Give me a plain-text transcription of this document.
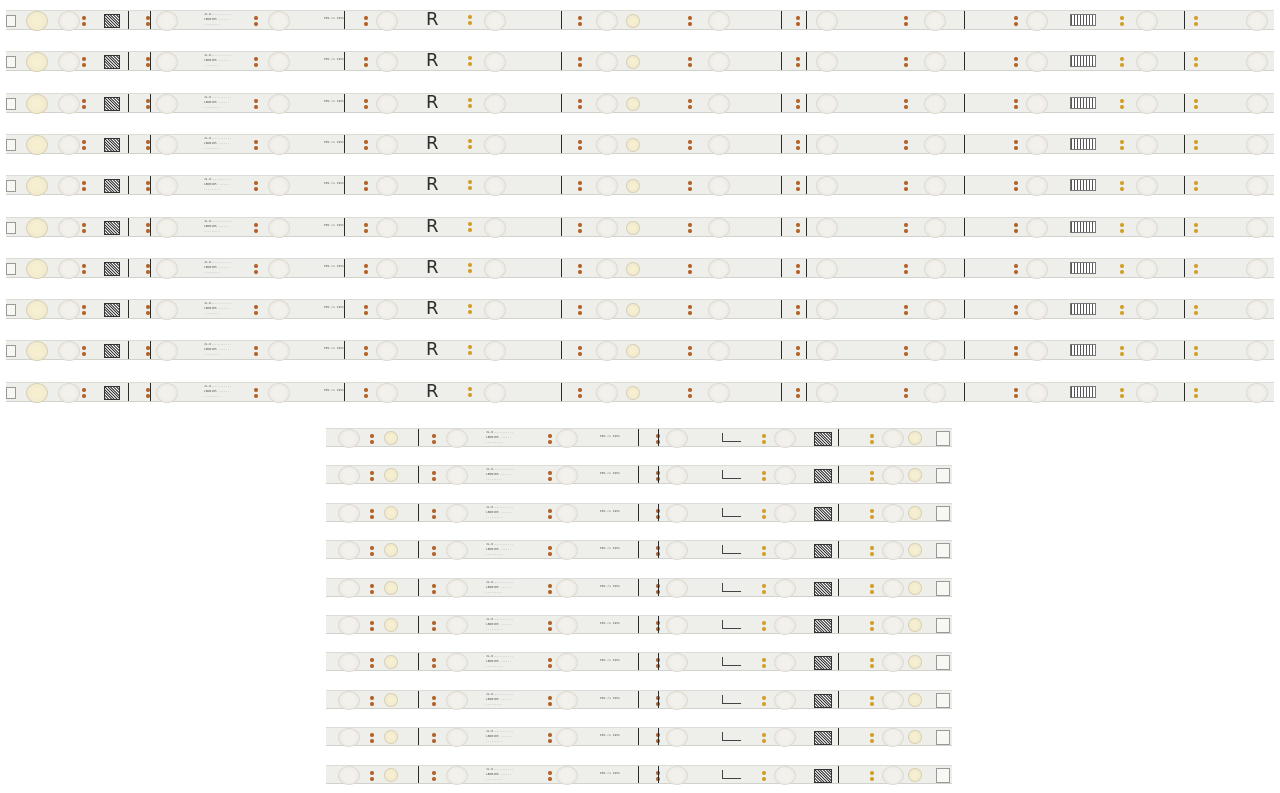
JL.D...........
LBD8185 ......
.........
PPb ru 1951	R
JL.D...........
LBD8185 ......
.........
PPb ru 1951	R
JL.D...........
LBD8185 ......
.........
PPb ru 1951	R
JL.D...........
LBD8185 ......
.........
PPb ru 1951	R
JL.D...........
LBD8185 ......
.........
PPb ru 1951	R
JL.D...........
LBD8185 ......
.........
PPb ru 1951	R
JL.D...........
LBD8185 ......
.........
PPb ru 1951	R
JL.D...........
LBD8185 ......
.........
PPb ru 1951	R
JL.D...........
LBD8185 ......
.........
PPb ru 1951	R
JL.D...........
LBD8185 ......
.........
PPb ru 1951	R
JL.D...........
LBD8185 ......
.........
PPb ru 1951
JL.D...........
LBD8185 ......
.........
PPb ru 1951
JL.D...........
LBD8185 ......
.........
PPb ru 1951
JL.D...........
LBD8185 ......
.........
PPb ru 1951
JL.D...........
LBD8185 ......
.........
PPb ru 1951
JL.D...........
LBD8185 ......
.........
PPb ru 1951
JL.D...........
LBD8185 ......
.........
PPb ru 1951
JL.D...........
LBD8185 ......
.........
PPb ru 1951
JL.D...........
LBD8185 ......
.........
PPb ru 1951
JL.D...........
LBD8185 ......
.........
PPb ru 1951
